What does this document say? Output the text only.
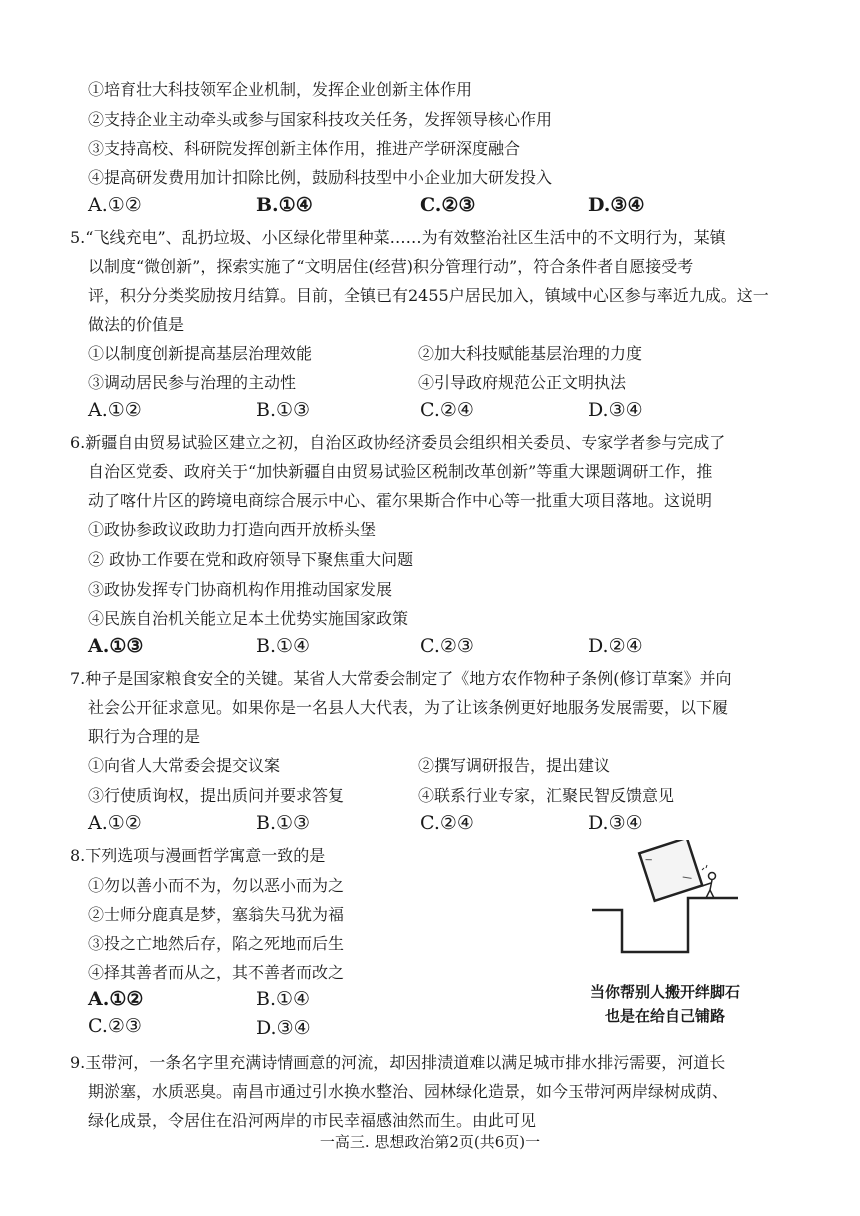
①培育壮大科技领军企业机制，发挥企业创新主体作用
②支持企业主动牵头或参与国家科技攻关任务，发挥领导核心作用
③支持高校、科研院发挥创新主体作用，推进产学研深度融合
④提高研发费用加计扣除比例，鼓励科技型中小企业加大研发投入
A.①②	B.①④	C.②③	D.③④
5.“飞线充电”、乱扔垃圾、小区绿化带里种菜……为有效整治社区生活中的不文明行为，某镇
以制度“微创新”，探索实施了“文明居住(经营)积分管理行动”，符合条件者自愿接受考
评，积分分类奖励按月结算。目前，全镇已有2455户居民加入，镇域中心区参与率近九成。这一
做法的价值是
①以制度创新提高基层治理效能	②加大科技赋能基层治理的力度
③调动居民参与治理的主动性	④引导政府规范公正文明执法
A.①②	B.①③	C.②④	D.③④
6.新疆自由贸易试验区建立之初，自治区政协经济委员会组织相关委员、专家学者参与完成了
自治区党委、政府关于“加快新疆自由贸易试验区税制改革创新”等重大课题调研工作，推
动了喀什片区的跨境电商综合展示中心、霍尔果斯合作中心等一批重大项目落地。这说明
①政协参政议政助力打造向西开放桥头堡
② 政协工作要在党和政府领导下聚焦重大问题
③政协发挥专门协商机构作用推动国家发展
④民族自治机关能立足本土优势实施国家政策
A.①③	B.①④	C.②③	D.②④
7.种子是国家粮食安全的关键。某省人大常委会制定了《地方农作物种子条例(修订草案》并向
社会公开征求意见。如果你是一名县人大代表，为了让该条例更好地服务发展需要，以下履
职行为合理的是
①向省人大常委会提交议案	②撰写调研报告，提出建议
③行使质询权，提出质问并要求答复	④联系行业专家，汇聚民智反馈意见
A.①②	B.①③	C.②④	D.③④
8.下列选项与漫画哲学寓意一致的是
①勿以善小而不为，勿以恶小而为之
②士师分鹿真是梦，塞翁失马犹为福
③投之亡地然后存，陷之死地而后生
④择其善者而从之，其不善者而改之
A.①②	B.①④
C.②③	D.③④
当你帮别人搬开绊脚石
也是在给自己铺路
9.玉带河，一条名字里充满诗情画意的河流，却因排渍道难以满足城市排水排污需要，河道长
期淤塞，水质恶臭。南昌市通过引水换水整治、园林绿化造景，如今玉带河两岸绿树成荫、
绿化成景，令居住在沿河两岸的市民幸福感油然而生。由此可见
一高三. 思想政治第2页(共6页)一
